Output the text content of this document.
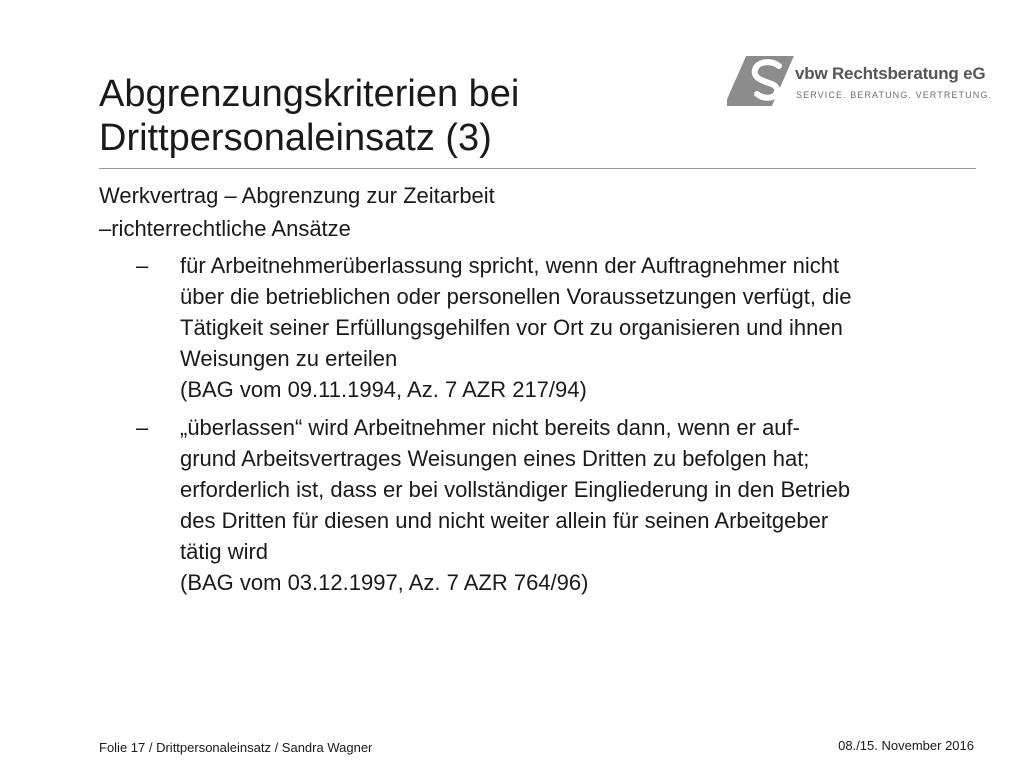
Abgrenzungskriterien bei
Drittpersonaleinsatz (3)
vbw Rechtsberatung eG
SERVICE. BERATUNG. VERTRETUNG.

Werkvertrag – Abgrenzung zur Zeitarbeit

–richterrechtliche Ansätze

– für Arbeitnehmerüberlassung spricht, wenn der Auftragnehmer nicht
über die betrieblichen oder personellen Voraussetzungen verfügt, die
Tätigkeit seiner Erfüllungsgehilfen vor Ort zu organisieren und ihnen
Weisungen zu erteilen
(BAG vom 09.11.1994, Az. 7 AZR 217/94)
– „überlassen“ wird Arbeitnehmer nicht bereits dann, wenn er auf-
grund Arbeitsvertrages Weisungen eines Dritten zu befolgen hat;
erforderlich ist, dass er bei vollständiger Eingliederung in den Betrieb
des Dritten für diesen und nicht weiter allein für seinen Arbeitgeber
tätig wird
(BAG vom 03.12.1997, Az. 7 AZR 764/96)
Folie 17 / Drittpersonaleinsatz / Sandra Wagner	08./15. November 2016
